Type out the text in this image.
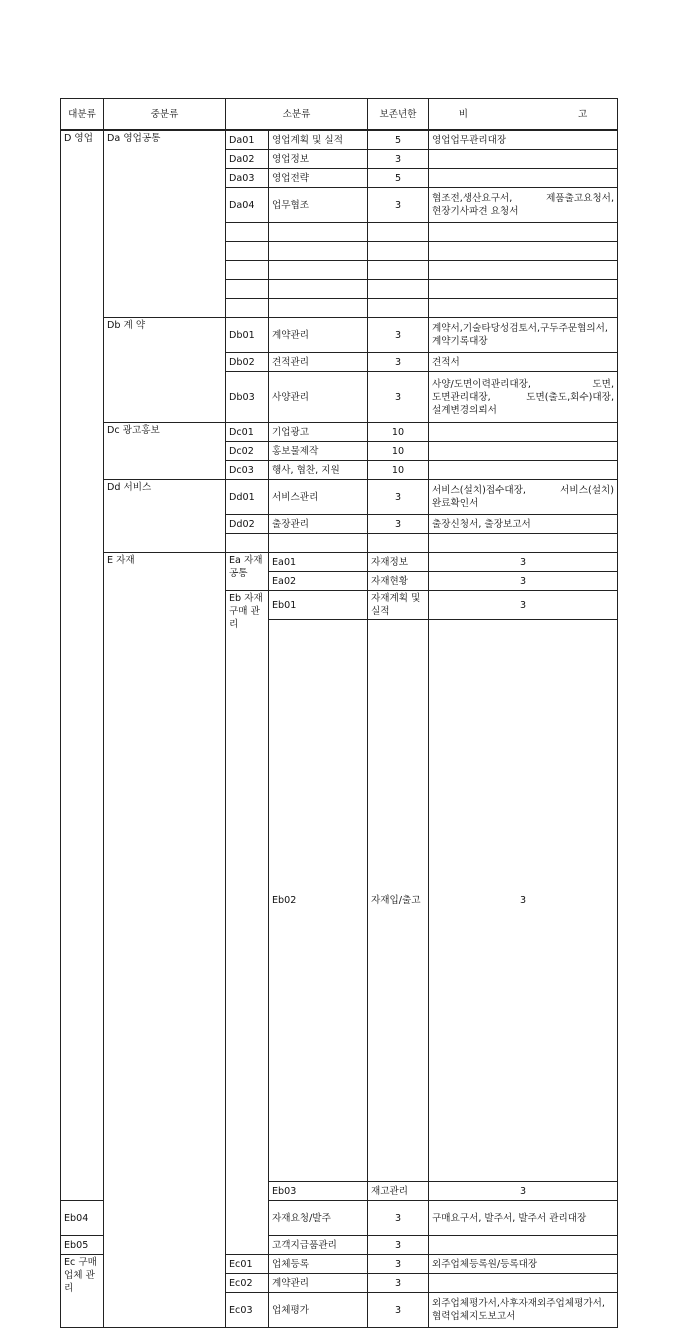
대분류	중분류	소분류		보존년한	비 고	
D 영업	Da 영업공통	Da01	영업계획 및 실적	5	영업업무관리대장	
		Da02	영업정보	3		
		Da03	영업전략	5		
		Da04	업무협조	3	협조전,생산요구서, 제품출고요청서, 현장기사파견 요청서	

	Db 계 약	Db01	계약관리	3	계약서,기술타당성검토서,구두주문협의서,계약기록대장	
		Db02	견적관리	3	견적서	
		Db03	사양관리	3	사양/도면이력관리대장, 도면, 도면관리대장, 도면(출도,회수)대장, 설계변경의뢰서	
	Dc 광고홍보	Dc01	기업광고	10		
		Dc02	홍보물제작	10		
		Dc03	행사, 협찬, 지원	10		
	Dd 서비스	Dd01	서비스관리	3	서비스(설치)접수대장, 서비스(설치)완료확인서	
		Dd02	출장관리	3	출장신청서, 출장보고서	

	E 자재	Ea 자재공통	Ea01	자재정보	3	
			Ea02	자재현황	3	
		Eb 자재구매 관리	Eb01	자재계획 및 실적	3	
			Eb02	자재입/출고	3	
			Eb03	재고관리	3	
Eb04			자재요청/발주	3	구매요구서, 발주서, 발주서 관리대장	
Eb05			고객지급품관리	3		
Ec 구매업체 관리		Ec01	업체등록	3	외주업체등록원/등록대장	
		Ec02	계약관리	3		
		Ec03	업체평가	3	외주업체평가서,사후자재외주업체평가서,협력업체지도보고서	
